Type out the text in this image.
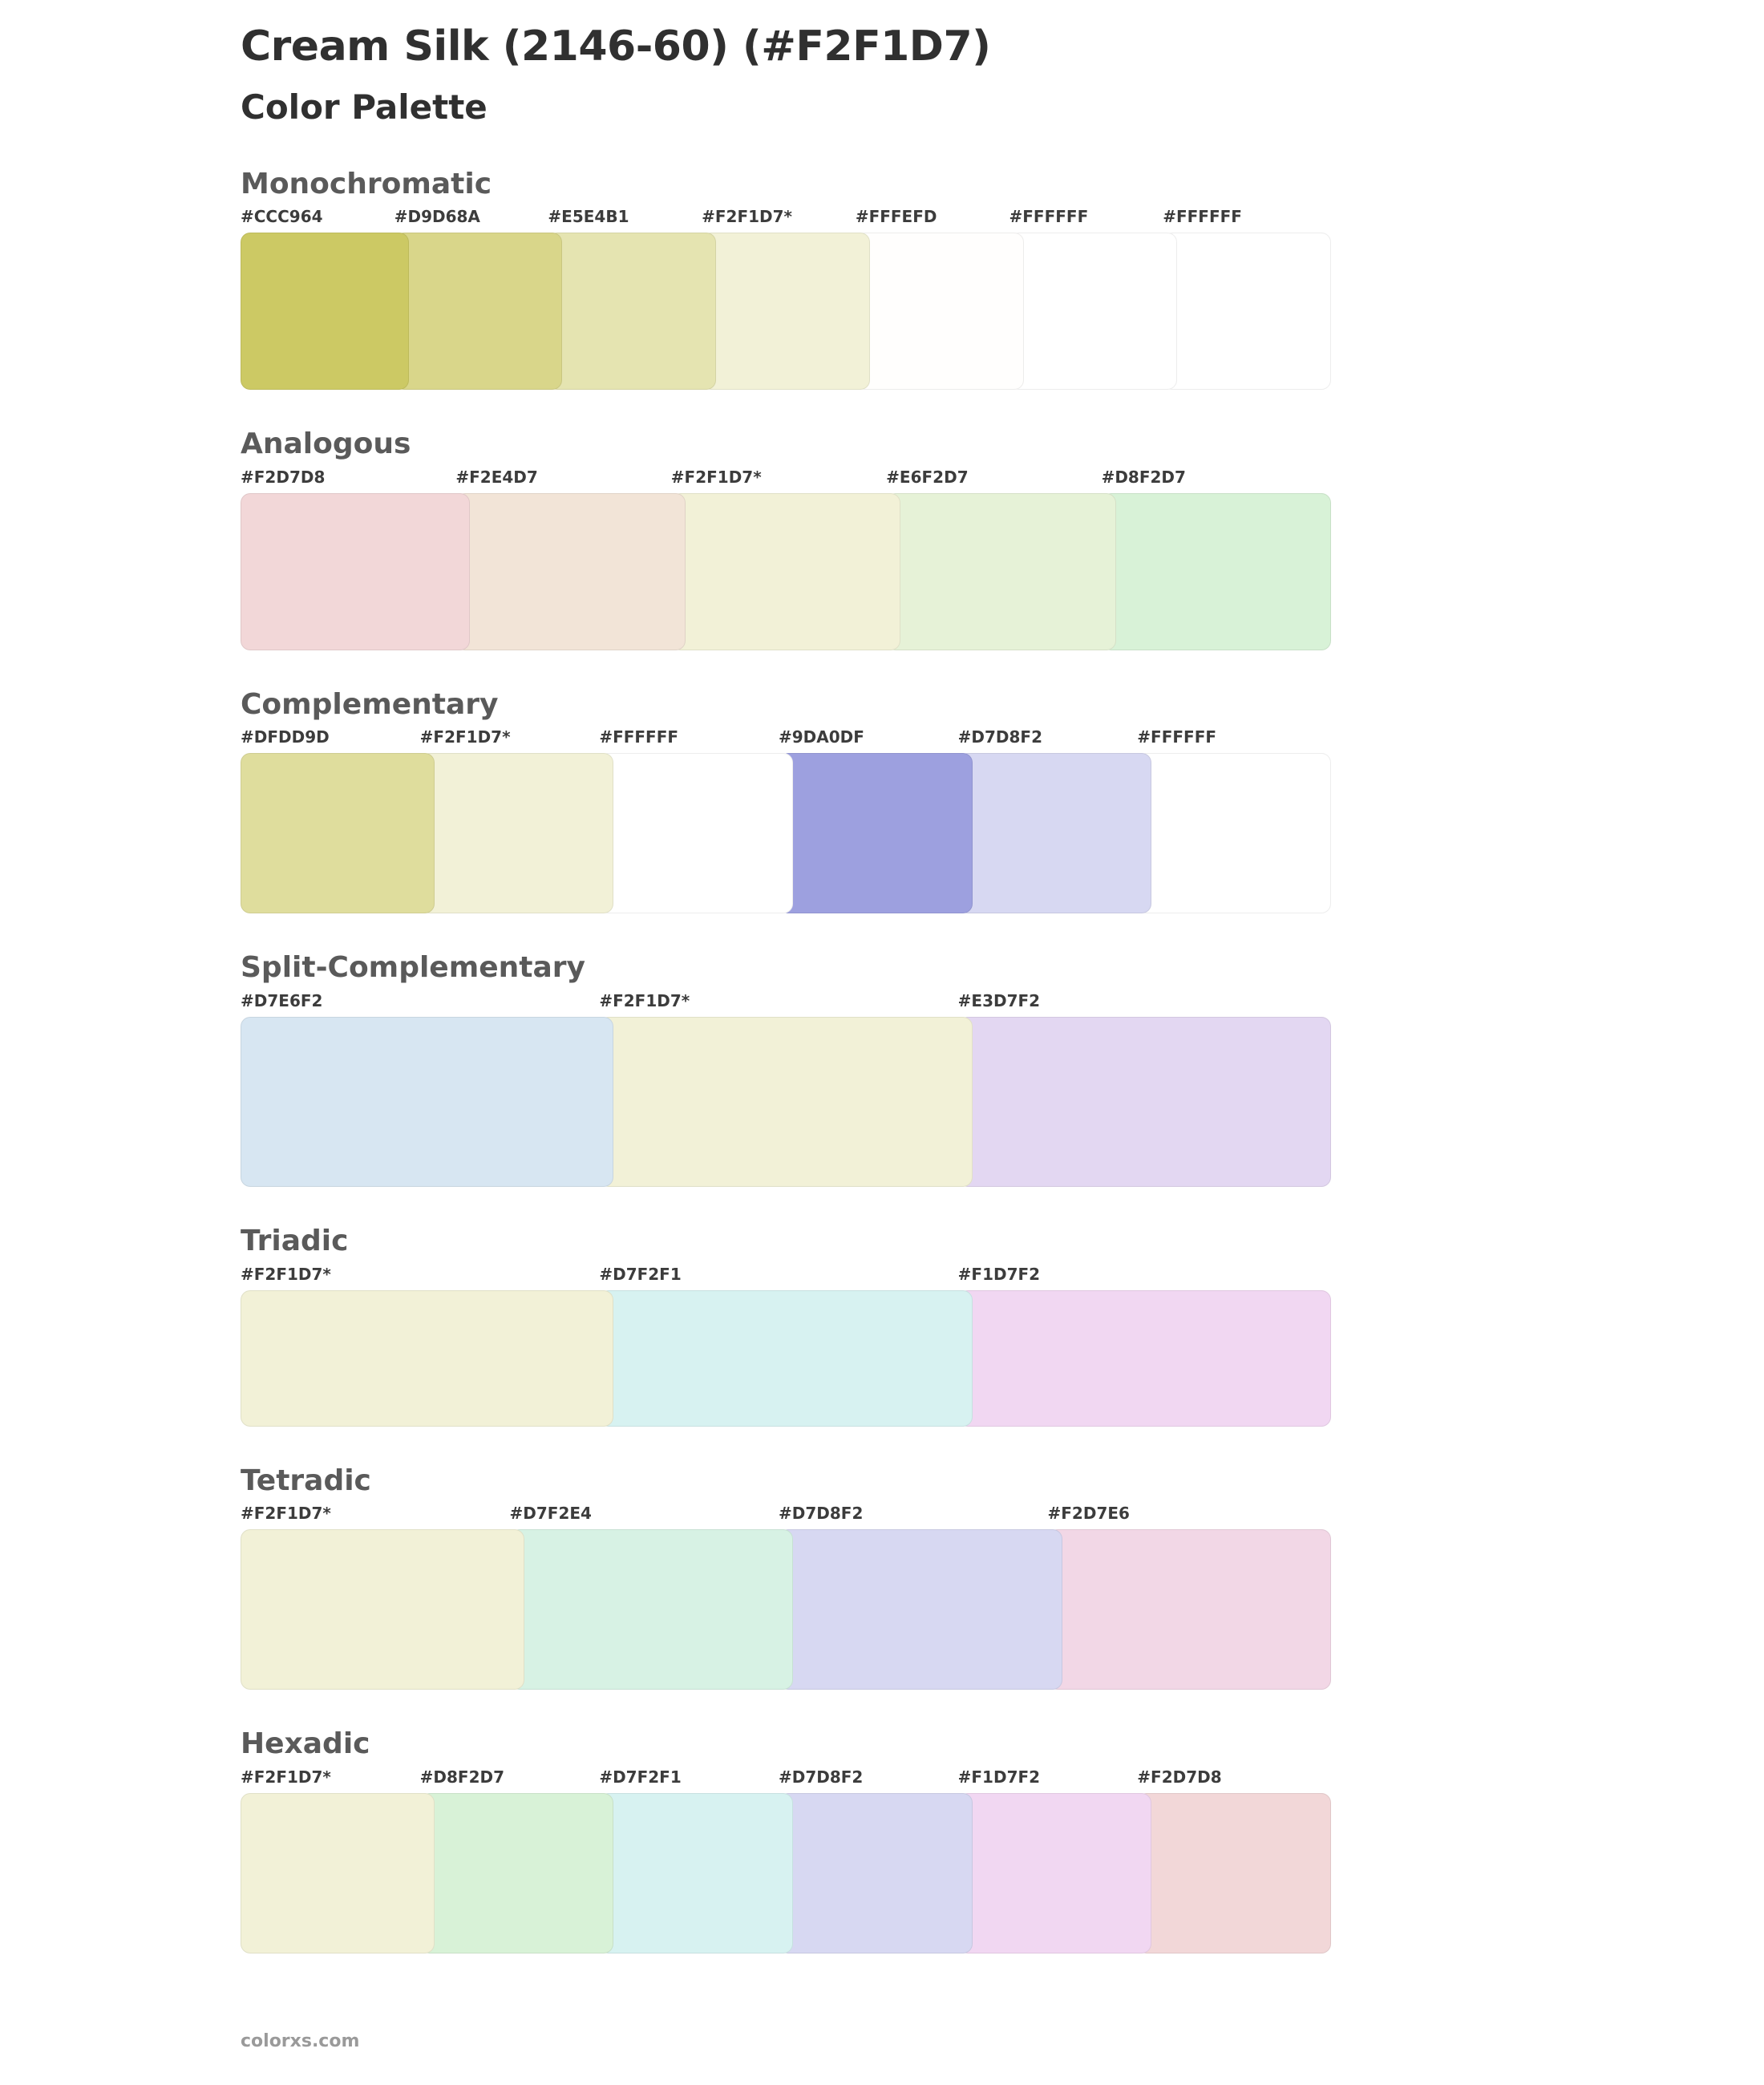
Cream Silk (2146-60) (#F2F1D7)
Color Palette
Monochromatic
#CCC964	#D9D68A	#E5E4B1	#F2F1D7*	#FFFEFD	#FFFFFF	#FFFFFF
Analogous
#F2D7D8	#F2E4D7	#F2F1D7*	#E6F2D7	#D8F2D7
Complementary
#DFDD9D	#F2F1D7*	#FFFFFF	#9DA0DF	#D7D8F2	#FFFFFF
Split-Complementary
#D7E6F2	#F2F1D7*	#E3D7F2
Triadic
#F2F1D7*	#D7F2F1	#F1D7F2
Tetradic
#F2F1D7*	#D7F2E4	#D7D8F2	#F2D7E6
Hexadic
#F2F1D7*	#D8F2D7	#D7F2F1	#D7D8F2	#F1D7F2	#F2D7D8
colorxs.com
